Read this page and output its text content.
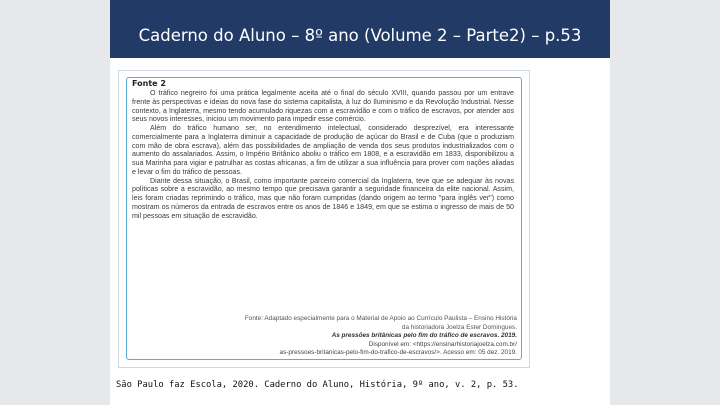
Caderno do Aluno – 8º ano (Volume 2 – Parte2) – p.53
Fonte 2

O tráfico negreiro foi uma prática legalmente aceita até o final do século XVIII, quando passou por um entrave frente às perspectivas e ideias do nova fase do sistema capitalista, à luz do Iluminismo e da Revolução Industrial. Nesse contexto, a Inglaterra, mesmo tendo acumulado riquezas com a escravidão e com o tráfico de escravos, por atender aos seus novos interesses, iniciou um movimento para impedir esse comércio.

Além do tráfico humano ser, no entendimento intelectual, considerado desprezível, era interessante comercialmente para a Inglaterra diminuir a capacidade de produção de açúcar do Brasil e de Cuba (que o produziam com mão de obra escrava), além das possibilidades de ampliação de venda dos seus produtos industrializados com o aumento do assalariados. Assim, o Império Britânico aboliu o tráfico em 1808, e a escravidão em 1833, disponibilizou a sua Marinha para vigiar e patrulhar as costas africanas, a fim de utilizar a sua influência para prover com nações aliadas e levar o fim do tráfico de pessoas.

Diante dessa situação, o Brasil, como importante parceiro comercial da Inglaterra, teve que se adequar às novas políticas sobre a escravidão, ao mesmo tempo que precisava garantir a seguridade financeira da elite nacional. Assim, leis foram criadas reprimindo o tráfico, mas que não foram cumpridas (dando origem ao termo "para inglês ver") como mostram os números da entrada de escravos entre os anos de 1846 e 1849, em que se estima o ingresso de mais de 50 mil pessoas em situação de escravidão.

Fonte: Adaptado especialmente para o Material de Apoio ao Currículo Paulista – Ensino História
da historiadora Joelza Ester Domingues.
As pressões britânicas pelo fim do tráfico de escravos. 2019.
Disponível em: <https://ensinarhistoriajoelza.com.br/
as-pressoes-britanicas-pelo-fim-do-trafico-de-escravos/>. Acesso em: 05 dez. 2019.
São Paulo faz Escola, 2020. Caderno do Aluno, História, 9º ano, v. 2, p. 53.
